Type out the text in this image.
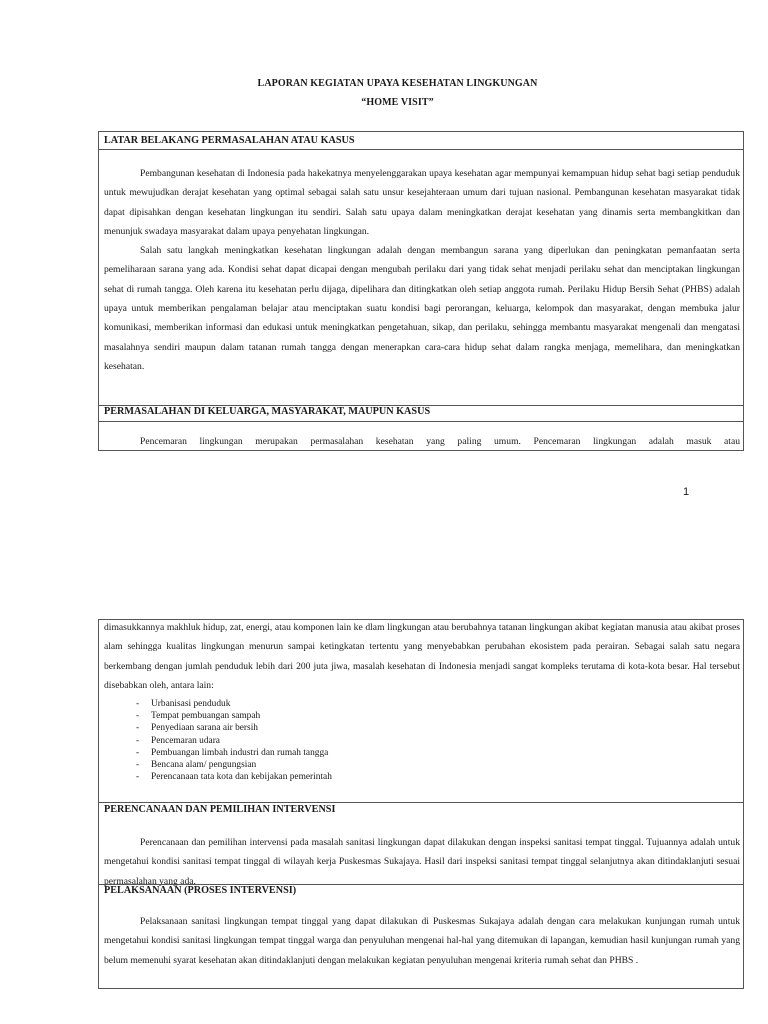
LAPORAN KEGIATAN UPAYA KESEHATAN LINGKUNGAN
“HOME VISIT”
LATAR BELAKANG PERMASALAHAN ATAU KASUS

Pembangunan kesehatan di Indonesia pada hakekatnya menyelenggarakan upaya kesehatan agar mempunyai kemampuan hidup sehat bagi setiap penduduk untuk mewujudkan derajat kesehatan yang optimal sebagai salah satu unsur kesejahteraan umum dari tujuan nasional. Pembangunan kesehatan masyarakat tidak dapat dipisahkan dengan kesehatan lingkungan itu sendiri. Salah satu upaya dalam meningkatkan derajat kesehatan yang dinamis serta membangkitkan dan menunjuk swadaya masyarakat dalam upaya penyehatan lingkungan.

Salah satu langkah meningkatkan kesehatan lingkungan adalah dengan membangun sarana yang diperlukan dan peningkatan pemanfaatan serta pemeliharaan sarana yang ada. Kondisi sehat dapat dicapai dengan mengubah perilaku dari yang tidak sehat menjadi perilaku sehat dan menciptakan lingkungan sehat di rumah tangga. Oleh karena itu kesehatan perlu dijaga, dipelihara dan ditingkatkan oleh setiap anggota rumah. Perilaku Hidup Bersih Sehat (PHBS) adalah upaya untuk memberikan pengalaman belajar atau menciptakan suatu kondisi bagi perorangan, keluarga, kelompok dan masyarakat, dengan membuka jalur komunikasi, memberikan informasi dan edukasi untuk meningkatkan pengetahuan, sikap, dan perilaku, sehingga membantu masyarakat mengenali dan mengatasi masalahnya sendiri maupun dalam tatanan rumah tangga dengan menerapkan cara-cara hidup sehat dalam rangka menjaga, memelihara, dan meningkatkan kesehatan.

PERMASALAHAN DI KELUARGA, MASYARAKAT, MAUPUN KASUS

Pencemaran lingkungan merupakan permasalahan kesehatan yang paling umum. Pencemaran lingkungan adalah masuk atau

1

dimasukkannya makhluk hidup, zat, energi, atau komponen lain ke dlam lingkungan atau berubahnya tatanan lingkungan akibat kegiatan manusia atau akibat proses alam sehingga kualitas lingkungan menurun sampai ketingkatan tertentu yang menyebabkan perubahan ekosistem pada perairan. Sebagai salah satu negara berkembang dengan jumlah penduduk lebih dari 200 juta jiwa, masalah kesehatan di Indonesia menjadi sangat kompleks terutama di kota-kota besar. Hal tersebut disebabkan oleh, antara lain:

- Urbanisasi penduduk
- Tempat pembuangan sampah
- Penyediaan sarana air bersih
- Pencemaran udara
- Pembuangan limbah industri dan rumah tangga
- Bencana alam/ pengungsian
- Perencanaan tata kota dan kebijakan pemerintah
PERENCANAAN DAN PEMILIHAN INTERVENSI

Perencanaan dan pemilihan intervensi pada masalah sanitasi lingkungan dapat dilakukan dengan inspeksi sanitasi tempat tinggal. Tujuannya adalah untuk mengetahui kondisi sanitasi tempat tinggal di wilayah kerja Puskesmas Sukajaya. Hasil dari inspeksi sanitasi tempat tinggal selanjutnya akan ditindaklanjuti sesuai permasalahan yang ada.

PELAKSANAAN (PROSES INTERVENSI)

Pelaksanaan sanitasi lingkungan tempat tinggal yang dapat dilakukan di Puskesmas Sukajaya adalah dengan cara melakukan kunjungan rumah untuk mengetahui kondisi sanitasi lingkungan tempat tinggal warga dan penyuluhan mengenai hal-hal yang ditemukan di lapangan, kemudian hasil kunjungan rumah yang belum memenuhi syarat kesehatan akan ditindaklanjuti dengan melakukan kegiatan penyuluhan mengenai kriteria rumah sehat dan PHBS .
